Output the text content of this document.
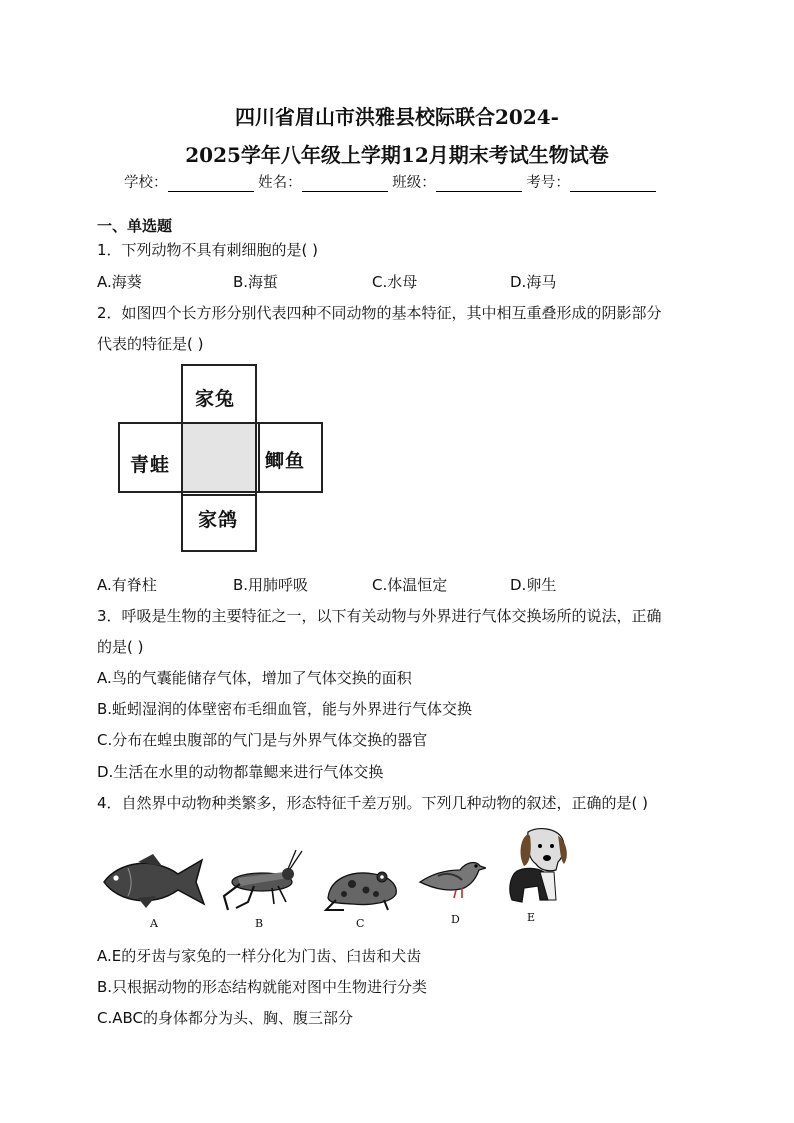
四川省眉山市洪雅县校际联合2024-
2025学年八年级上学期12月期末考试生物试卷
学校：	姓名：	班级：	考号：
一、单选题
1．下列动物不具有刺细胞的是( )
A.海葵	B.海蜇	C.水母	D.海马
2．如图四个长方形分别代表四种不同动物的基本特征，其中相互重叠形成的阴影部分
代表的特征是( )
家兔
青蛙	鲫鱼
家鸽
A.有脊柱	B.用肺呼吸	C.体温恒定	D.卵生
3．呼吸是生物的主要特征之一，以下有关动物与外界进行气体交换场所的说法，正确
的是( )
A.鸟的气囊能储存气体，增加了气体交换的面积
B.蚯蚓湿润的体壁密布毛细血管，能与外界进行气体交换
C.分布在蝗虫腹部的气门是与外界气体交换的器官
D.生活在水里的动物都靠鳃来进行气体交换
4．自然界中动物种类繁多，形态特征千差万别。下列几种动物的叙述，正确的是( )
A	B	C	D	E
A.E的牙齿与家兔的一样分化为门齿、臼齿和犬齿
B.只根据动物的形态结构就能对图中生物进行分类
C.ABC的身体都分为头、胸、腹三部分
